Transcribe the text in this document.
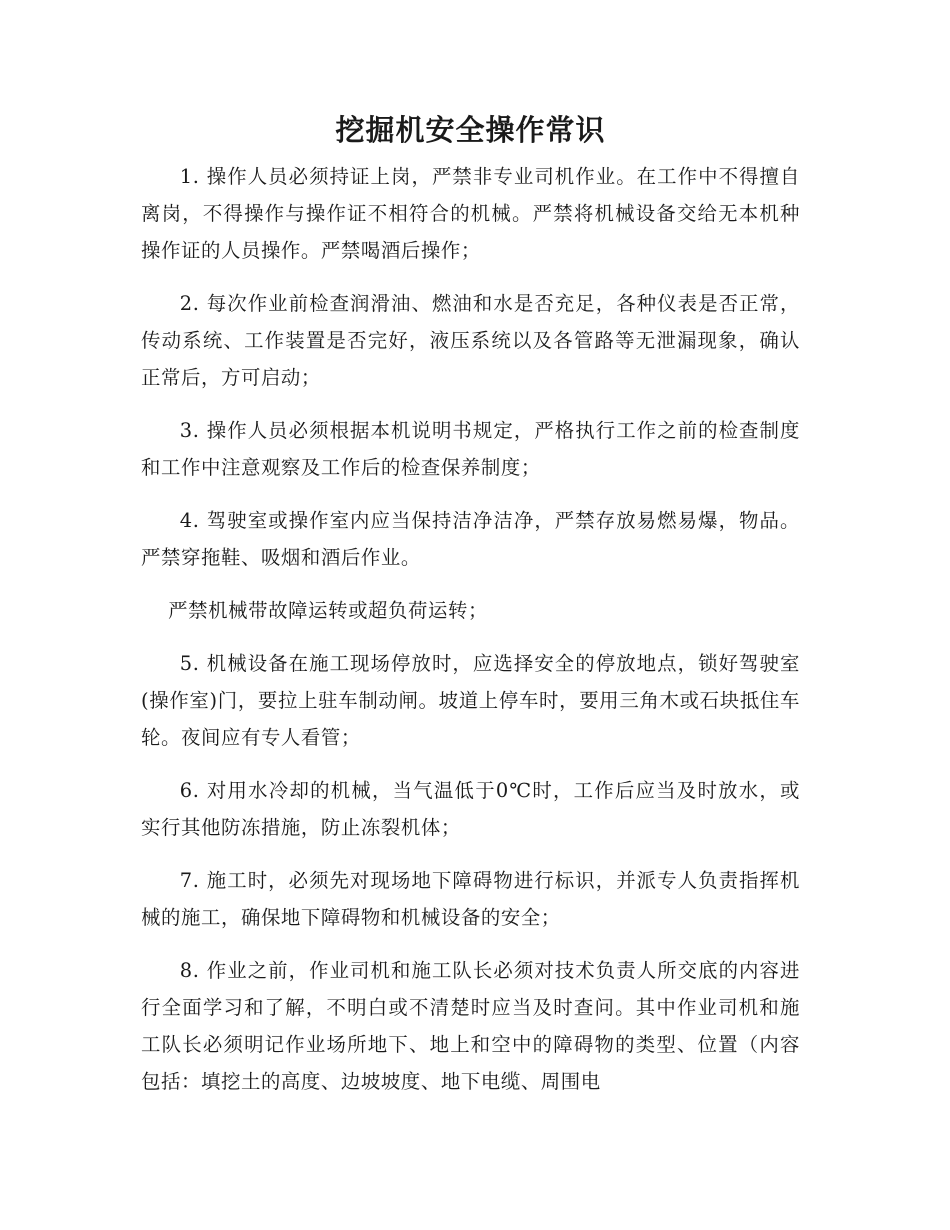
挖掘机安全操作常识

1. 操作人员必须持证上岗，严禁非专业司机作业。在工作中不得擅自离岗，不得操作与操作证不相符合的机械。严禁将机械设备交给无本机种操作证的人员操作。严禁喝酒后操作；

2. 每次作业前检查润滑油、燃油和水是否充足，各种仪表是否正常，传动系统、工作装置是否完好，液压系统以及各管路等无泄漏现象，确认正常后，方可启动；

3. 操作人员必须根据本机说明书规定，严格执行工作之前的检查制度和工作中注意观察及工作后的检查保养制度；

4. 驾驶室或操作室内应当保持洁净洁净，严禁存放易燃易爆，物品。严禁穿拖鞋、吸烟和酒后作业。

严禁机械带故障运转或超负荷运转；

5. 机械设备在施工现场停放时，应选择安全的停放地点，锁好驾驶室(操作室)门，要拉上驻车制动闸。坡道上停车时，要用三角木或石块抵住车轮。夜间应有专人看管；

6. 对用水冷却的机械，当气温低于0℃时，工作后应当及时放水，或实行其他防冻措施，防止冻裂机体；

7. 施工时，必须先对现场地下障碍物进行标识，并派专人负责指挥机械的施工，确保地下障碍物和机械设备的安全；

8. 作业之前，作业司机和施工队长必须对技术负责人所交底的内容进行全面学习和了解，不明白或不清楚时应当及时查问。其中作业司机和施工队长必须明记作业场所地下、地上和空中的障碍物的类型、位置（内容包括：填挖土的高度、边坡坡度、地下电缆、周围电
